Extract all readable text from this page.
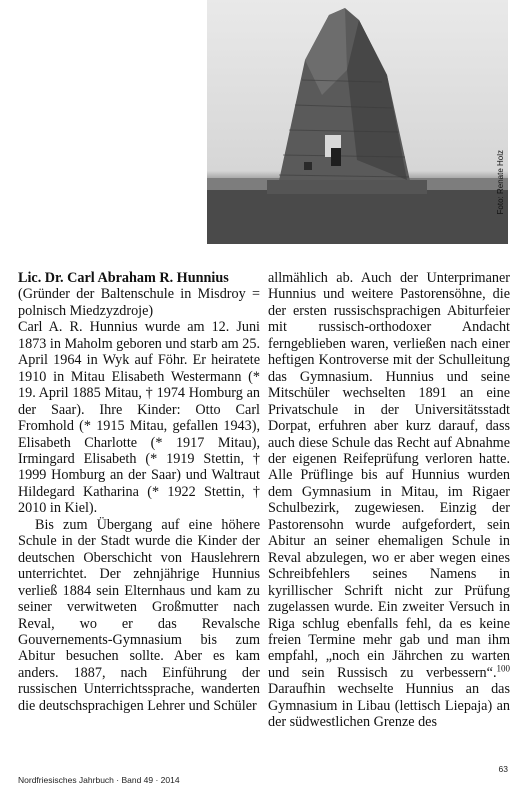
Foto: Renate Holz

Lic. Dr. Carl Abraham R. Hunnius

(Gründer der Baltenschule in Misdroy = polnisch Miedzyzdroje)

Carl A. R. Hunnius wurde am 12. Juni 1873 in Maholm geboren und starb am 25. April 1964 in Wyk auf Föhr. Er heiratete 1910 in Mitau Elisabeth Westermann (* 19. April 1885 Mitau, † 1974 Homburg an der Saar). Ihre Kinder: Otto Carl Fromhold (* 1915 Mitau, gefallen 1943), Elisabeth Charlotte (* 1917 Mitau), Irmingard Elisabeth (* 1919 Stettin, † 1999 Homburg an der Saar) und Waltraut Hildegard Katharina (* 1922 Stettin, † 2010 in Kiel).

Bis zum Übergang auf eine höhere Schule in der Stadt wurde die Kinder der deutschen Oberschicht von Hauslehrern unterrichtet. Der zehnjährige Hunnius verließ 1884 sein Elternhaus und kam zu seiner verwitweten Großmutter nach Reval, wo er das Revalsche Gouvernements-Gymnasium bis zum Abitur besuchen sollte. Aber es kam anders. 1887, nach Einführung der russischen Unterrichtssprache, wanderten die deutschsprachigen Lehrer und Schüler

allmählich ab. Auch der Unterprimaner Hunnius und weitere Pastorensöhne, die der ersten russischsprachigen Abiturfeier mit russisch-orthodoxer Andacht ferngeblieben waren, verließen nach einer heftigen Kontroverse mit der Schulleitung das Gymnasium. Hunnius und seine Mitschüler wechselten 1891 an eine Privatschule in der Universitätsstadt Dorpat, erfuhren aber kurz darauf, dass auch diese Schule das Recht auf Abnahme der eigenen Reifeprüfung verloren hatte. Alle Prüflinge bis auf Hunnius wurden dem Gymnasium in Mitau, im Rigaer Schulbezirk, zugewiesen. Einzig der Pastorensohn wurde aufgefordert, sein Abitur an seiner ehemaligen Schule in Reval abzulegen, wo er aber wegen eines Schreibfehlers seines Namens in kyrillischer Schrift nicht zur Prüfung zugelassen wurde. Ein zweiter Versuch in Riga schlug ebenfalls fehl, da es keine freien Termine mehr gab und man ihm empfahl, „noch ein Jährchen zu warten und sein Russisch zu verbessern“.$^{100}$ Daraufhin wechselte Hunnius an das Gymnasium in Libau (lettisch Liepaja) an der südwestlichen Grenze des

Nordfriesisches Jahrbuch · Band 49 · 2014
63
